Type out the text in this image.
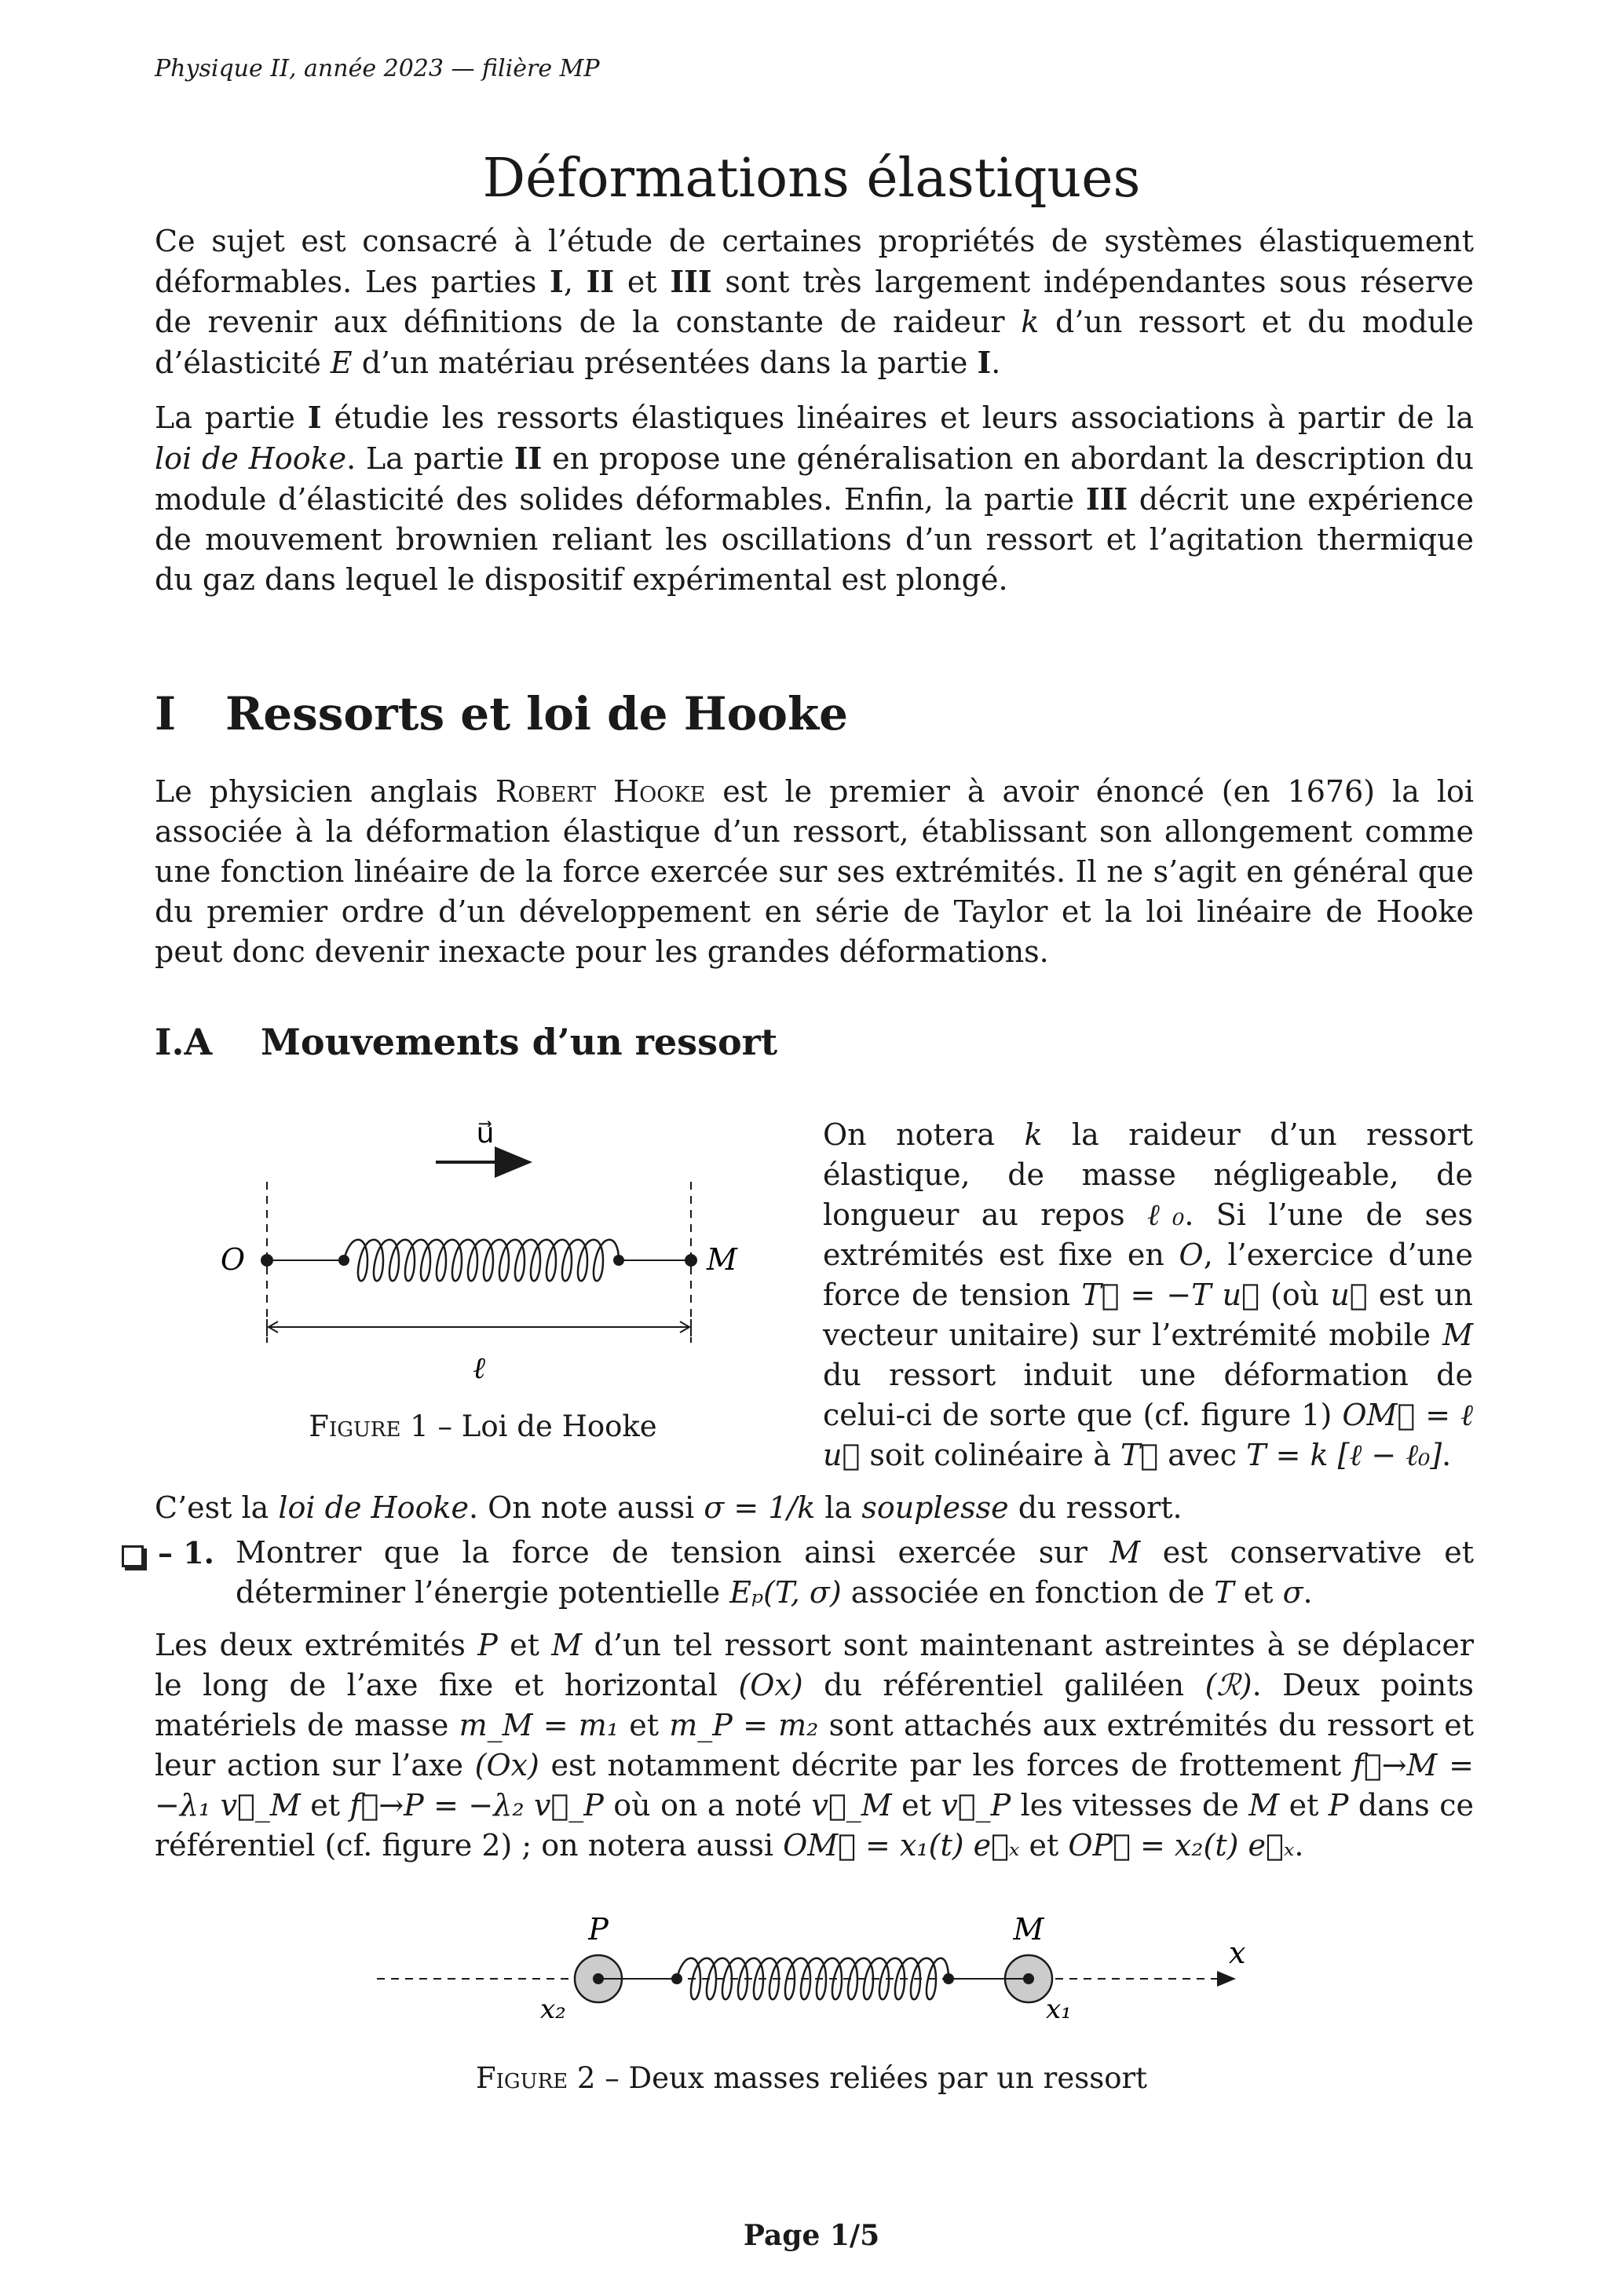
Physique II, année 2023 — filière MP
Déformations élastiques

Ce sujet est consacré à l’étude de certaines propriétés de systèmes élastiquement déformables. Les parties I, II et III sont très largement indépendantes sous réserve de revenir aux définitions de la constante de raideur k d’un ressort et du module d’élasticité E d’un matériau présentées dans la partie I.

La partie I étudie les ressorts élastiques linéaires et leurs associations à partir de la loi de Hooke. La partie II en propose une généralisation en abordant la description du module d’élasticité des solides déformables. Enfin, la partie III décrit une expérience de mouvement brownien reliant les oscillations d’un ressort et l’agitation thermique du gaz dans lequel le dispositif expérimental est plongé.

I Ressorts et loi de Hooke

Le physicien anglais Robert Hooke est le premier à avoir énoncé (en 1676) la loi associée à la déformation élastique d’un ressort, établissant son allongement comme une fonction linéaire de la force exercée sur ses extrémités. Il ne s’agit en général que du premier ordre d’un développement en série de Taylor et la loi linéaire de Hooke peut donc devenir inexacte pour les grandes déformations.

I.A Mouvements d’un ressort
u⃗
O	M
ℓ
Figure 1 – Loi de Hooke

On notera k la raideur d’un ressort élastique, de masse négligeable, de longueur au repos ℓ₀. Si l’une de ses extrémités est fixe en O, l’exercice d’une force de tension T⃗ = −T u⃗ (où u⃗ est un vecteur unitaire) sur l’extrémité mobile M du ressort induit une déformation de celui-ci de sorte que (cf. figure 1) OM⃗ = ℓ u⃗ soit colinéaire à T⃗ avec T = k [ℓ − ℓ₀].

C’est la loi de Hooke. On note aussi σ = 1/k la souplesse du ressort.

– 1. Montrer que la force de tension ainsi exercée sur M est conservative et déterminer l’énergie potentielle Eₚ(T, σ) associée en fonction de T et σ.

Les deux extrémités P et M d’un tel ressort sont maintenant astreintes à se déplacer le long de l’axe fixe et horizontal (Ox) du référentiel galiléen (ℛ). Deux points matériels de masse m_M = m₁ et m_P = m₂ sont attachés aux extrémités du ressort et leur action sur l’axe (Ox) est notamment décrite par les forces de frottement f⃗→M = −λ₁ v⃗_M et f⃗→P = −λ₂ v⃗_P où on a noté v⃗_M et v⃗_P les vitesses de M et P dans ce référentiel (cf. figure 2) ; on notera aussi OM⃗ = x₁(t) e⃗ₓ et OP⃗ = x₂(t) e⃗ₓ.

x
P
x₂
M
x₁
Figure 2 – Deux masses reliées par un ressort
Page 1/5
